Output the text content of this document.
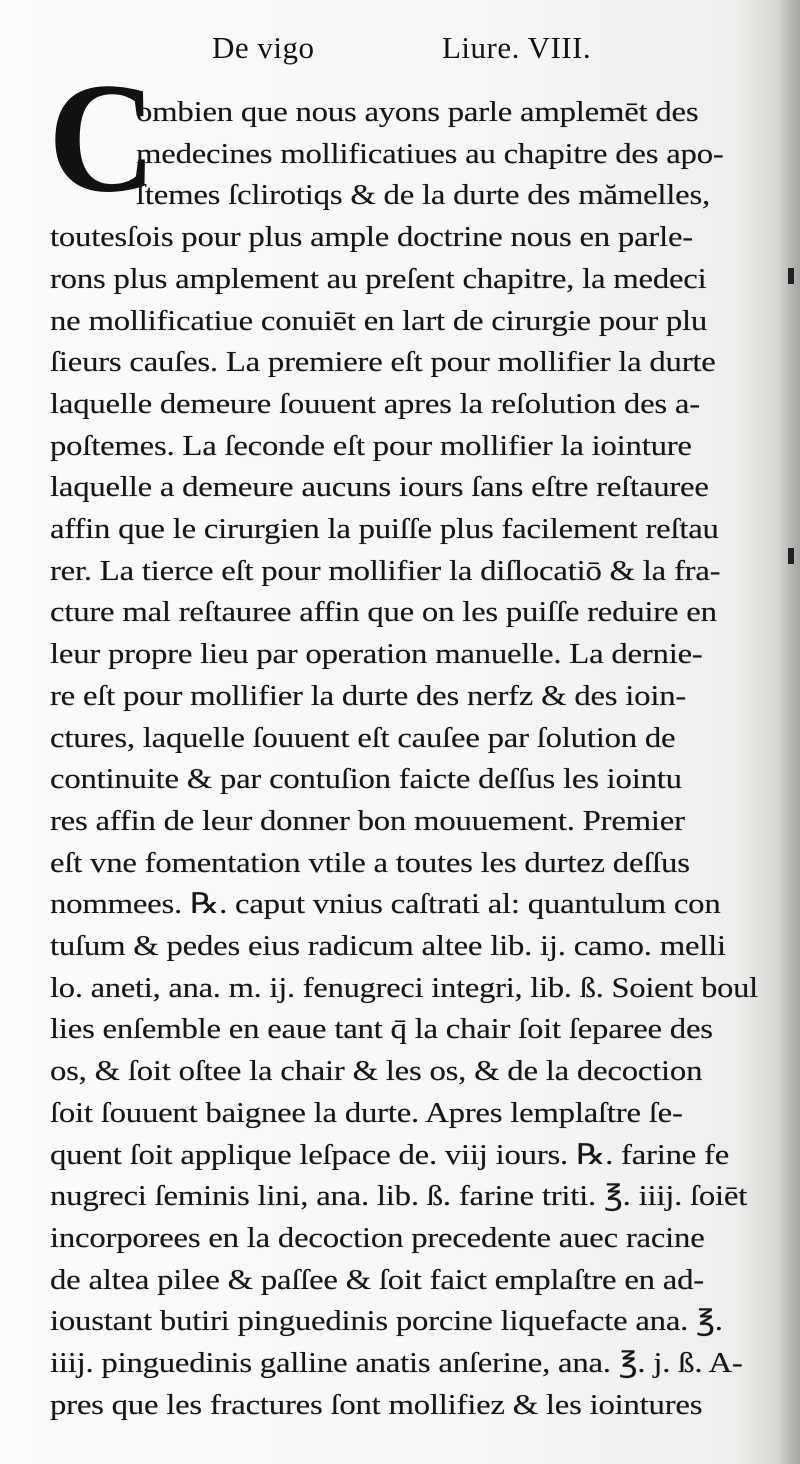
De vigo	Liure. VIII.
C
ombien que nous ayons parle amplemēt des
medecines mollificatiues au chapitre des apo-
ſtemes ſclirotiqs & de la durte des mămelles,
toutesſois pour plus ample doctrine nous en parle-
rons plus amplement au preſent chapitre, la medeci
ne mollificatiue conuiēt en lart de cirurgie pour plu
ſieurs cauſes. La premiere eſt pour mollifier la durte
laquelle demeure ſouuent apres la reſolution des a-
poſtemes. La ſeconde eſt pour mollifier la iointure
laquelle a demeure aucuns iours ſans eſtre reſtauree
affin que le cirurgien la puiſſe plus facilement reſtau
rer. La tierce eſt pour mollifier la diſlocatiō & la fra-
cture mal reſtauree affin que on les puiſſe reduire en
leur propre lieu par operation manuelle. La dernie-
re eſt pour mollifier la durte des nerfz & des ioin-
ctures, laquelle ſouuent eſt cauſee par ſolution de
continuite & par contuſion faicte deſſus les iointu
res affin de leur donner bon mouuement. Premier
eſt vne fomentation vtile a toutes les durtez deſſus
nommees. ℞. caput vnius caſtrati al: quantulum con
tuſum & pedes eius radicum altee lib. ij. camo. melli
lo. aneti, ana. m. ij. fenugreci integri, lib. ß. Soient boul
lies enſemble en eaue tant q̄ la chair ſoit ſeparee des
os, & ſoit oſtee la chair & les os, & de la decoction
ſoit ſouuent baignee la durte. Apres lemplaſtre ſe-
quent ſoit applique leſpace de. viij iours. ℞. farine fe
nugreci ſeminis lini, ana. lib. ß. farine triti. ℥. iiij. ſoiēt
incorporees en la decoction precedente auec racine
de altea pilee & paſſee & ſoit faict emplaſtre en ad-
ioustant butiri pinguedinis porcine liquefacte ana. ℥.
iiij. pinguedinis galline anatis anſerine, ana. ℥. j. ß. A-
pres que les fractures ſont mollifiez & les iointures
